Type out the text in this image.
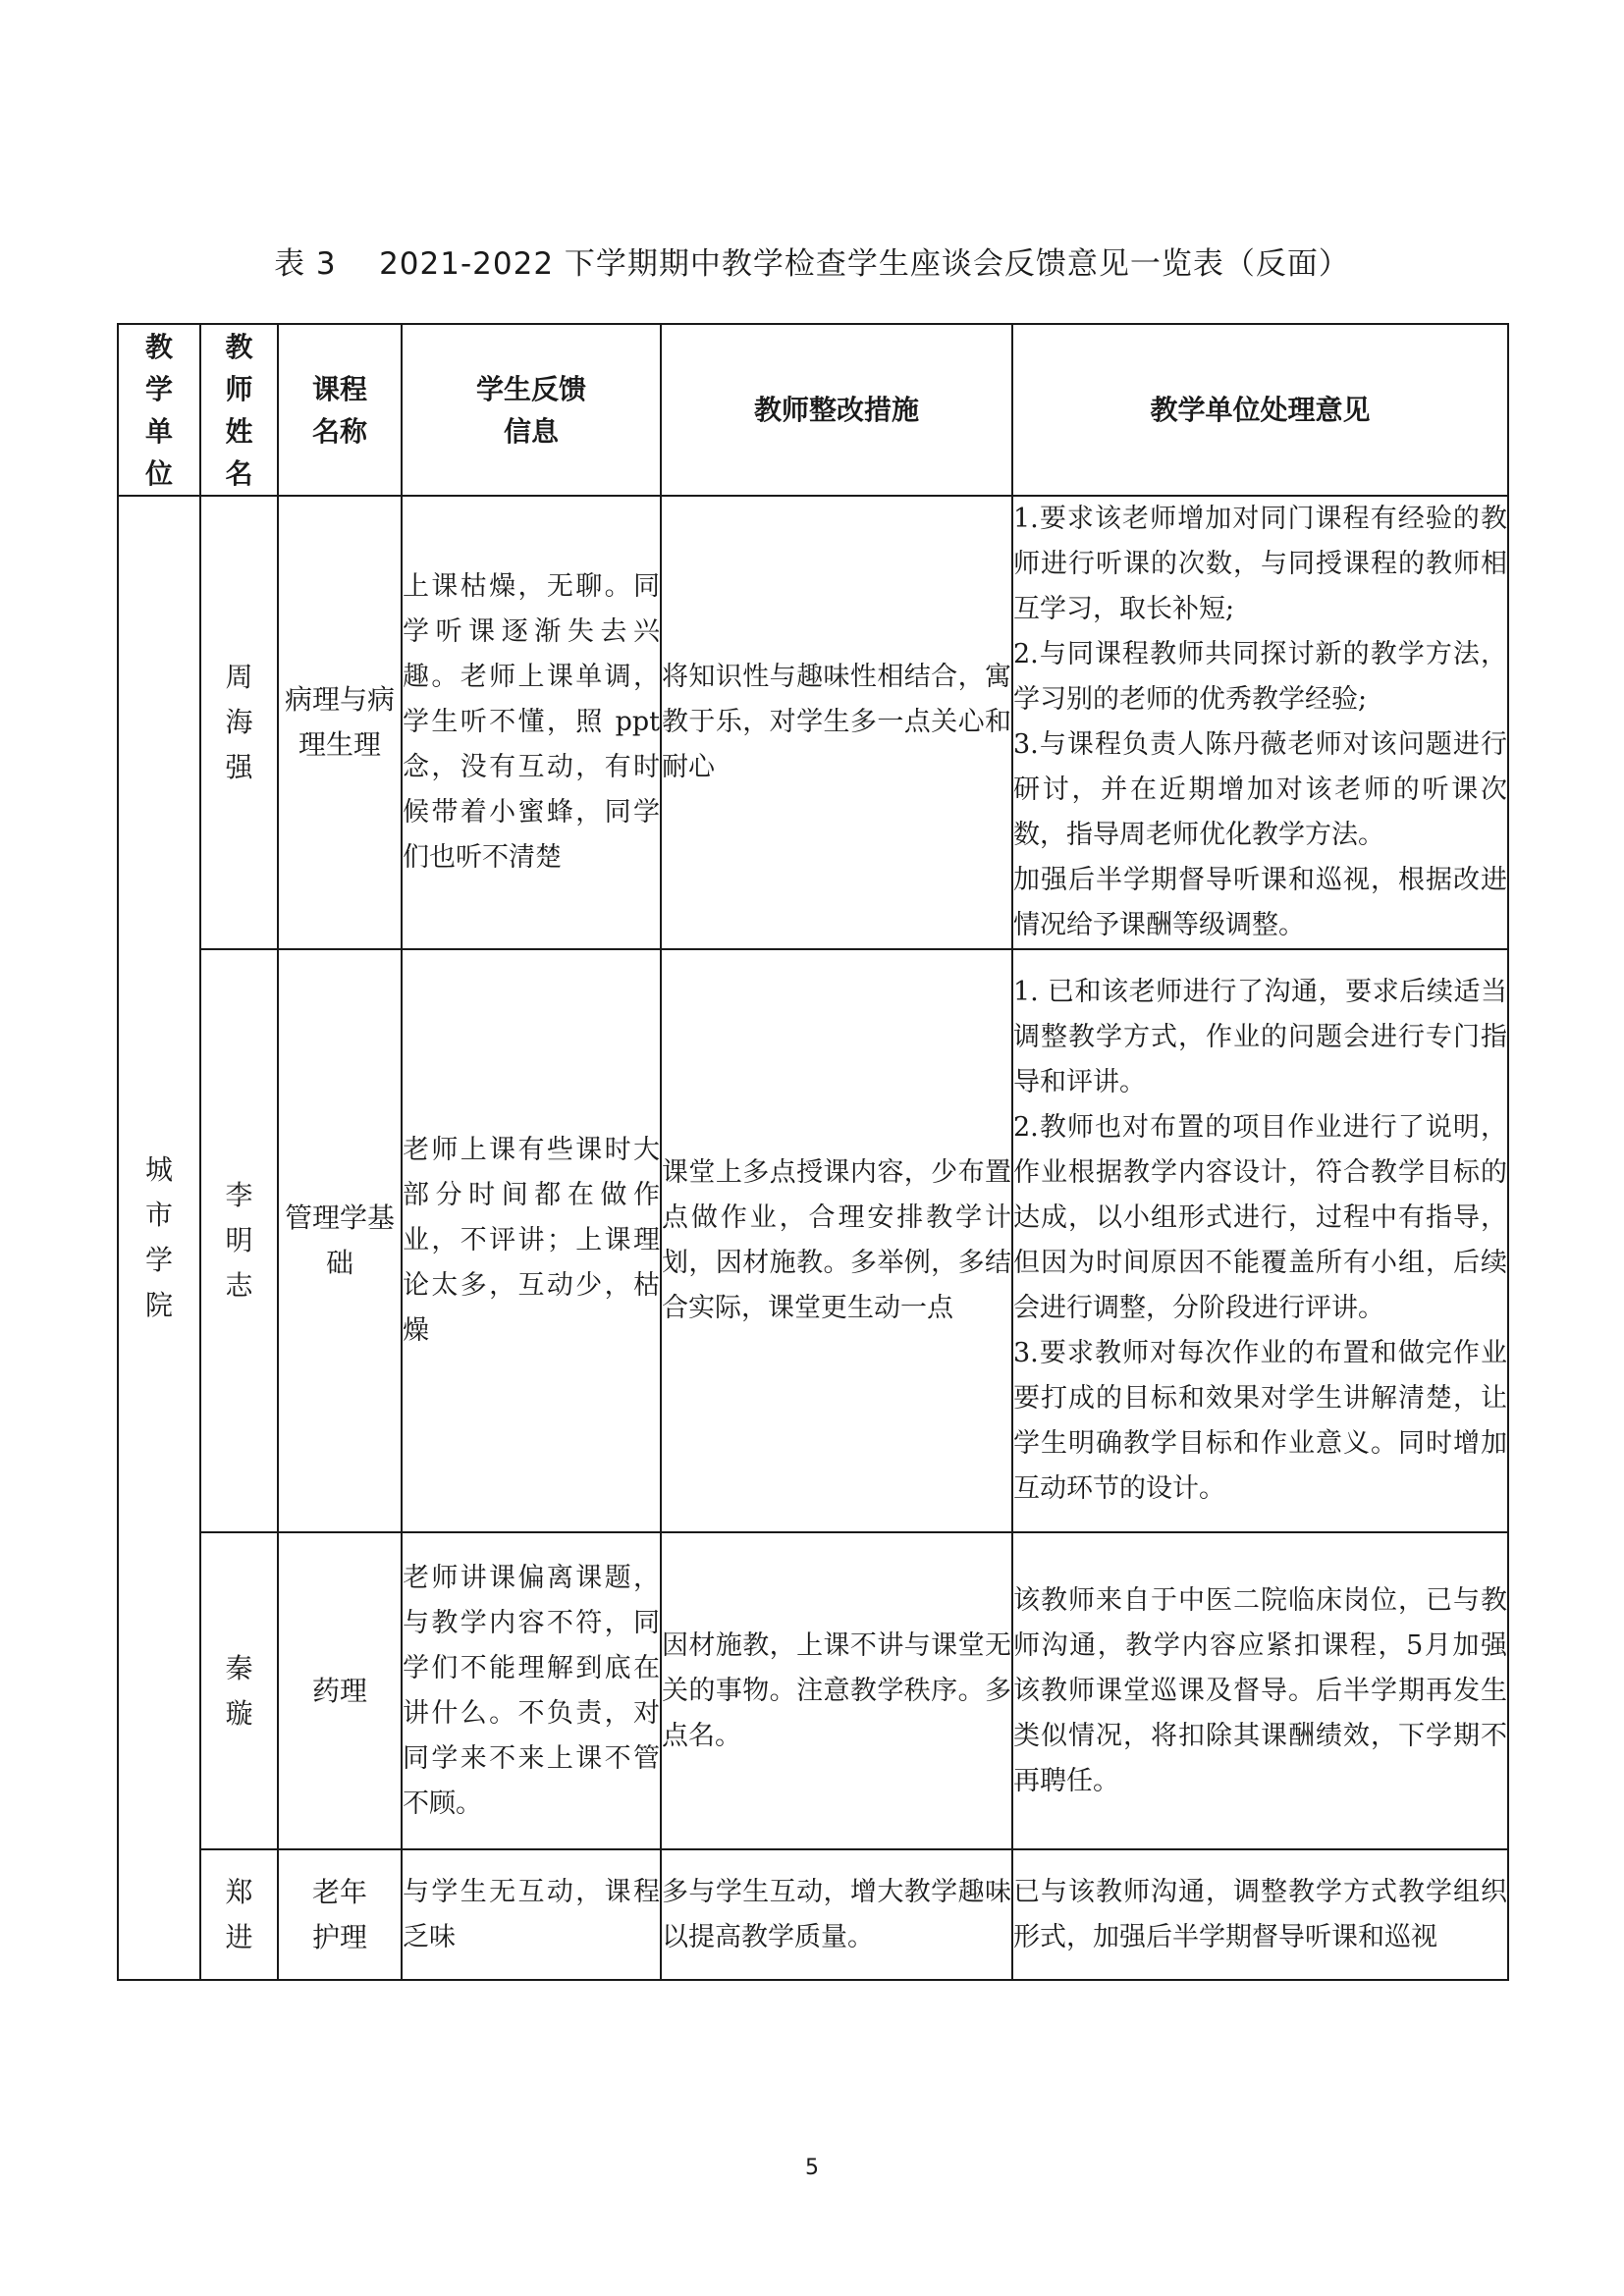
表 3    2021-2022 下学期期中教学检查学生座谈会反馈意见一览表（反面）
教学单位	教师姓名	课程名称	学生反馈信息	教师整改措施	教学单位处理意见
城市学院	周海强	病理与病理生理	上课枯燥，无聊。同学听课逐渐失去兴趣。老师上课单调，学生听不懂，照 ppt 念，没有互动，有时候带着小蜜蜂，同学们也听不清楚	将知识性与趣味性相结合，寓教于乐，对学生多一点关心和耐心	1.要求该老师增加对同门课程有经验的教师进行听课的次数，与同授课程的教师相互学习，取长补短;
2.与同课程教师共同探讨新的教学方法，学习别的老师的优秀教学经验;
3.与课程负责人陈丹薇老师对该问题进行研讨，并在近期增加对该老师的听课次数，指导周老师优化教学方法。
加强后半学期督导听课和巡视，根据改进情况给予课酬等级调整。

	李明志	管理学基础	老师上课有些课时大部分时间都在做作业，不评讲；上课理论太多，互动少，枯燥	课堂上多点授课内容，少布置点做作业，合理安排教学计划，因材施教。多举例，多结合实际，课堂更生动一点	1. 已和该老师进行了沟通，要求后续适当调整教学方式，作业的问题会进行专门指导和评讲。
2.教师也对布置的项目作业进行了说明，作业根据教学内容设计，符合教学目标的达成，以小组形式进行，过程中有指导，但因为时间原因不能覆盖所有小组，后续会进行调整，分阶段进行评讲。
3.要求教师对每次作业的布置和做完作业要打成的目标和效果对学生讲解清楚，让学生明确教学目标和作业意义。同时增加互动环节的设计。

	秦璇	药理	老师讲课偏离课题，与教学内容不符，同学们不能理解到底在讲什么。不负责，对同学来不来上课不管不顾。	因材施教，上课不讲与课堂无关的事物。注意教学秩序。多点名。	该教师来自于中医二院临床岗位，已与教师沟通，教学内容应紧扣课程，5月加强该教师课堂巡课及督导。后半学期再发生类似情况，将扣除其课酬绩效，下学期不再聘任。

	郑进	老年护理	与学生无互动，课程乏味	多与学生互动，增大教学趣味以提高教学质量。	已与该教师沟通，调整教学方式教学组织形式，加强后半学期督导听课和巡视
5
